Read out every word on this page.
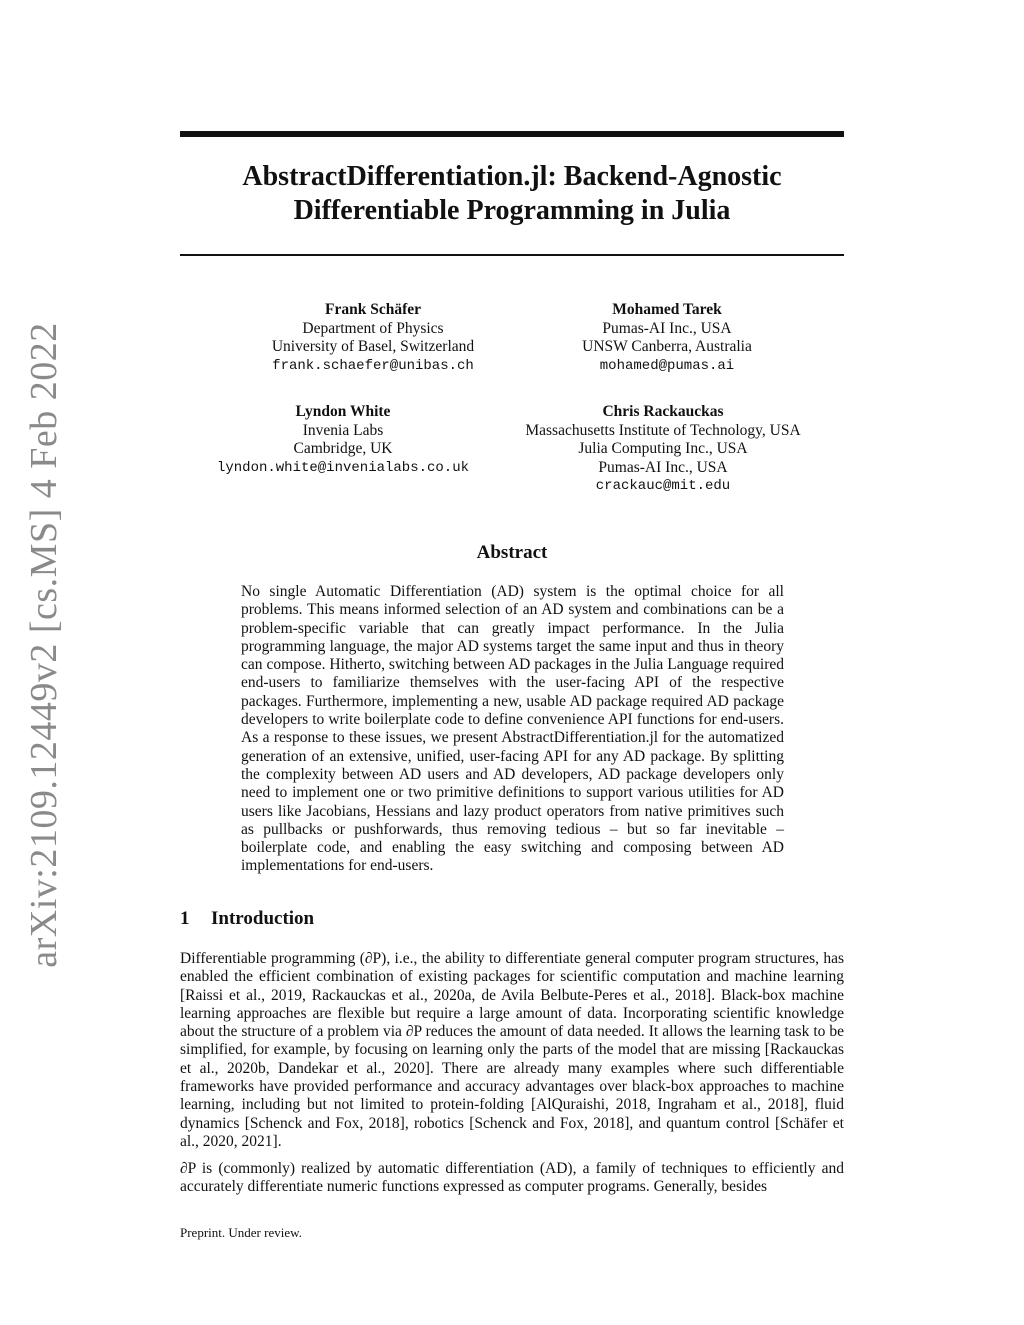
arXiv:2109.12449v2 [cs.MS] 4 Feb 2022
AbstractDifferentiation.jl: Backend-Agnostic
Differentiable Programming in Julia
Frank Schäfer
Department of Physics
University of Basel, Switzerland
frank.schaefer@unibas.ch
Mohamed Tarek
Pumas-AI Inc., USA
UNSW Canberra, Australia
mohamed@pumas.ai
Lyndon White
Invenia Labs
Cambridge, UK
lyndon.white@invenialabs.co.uk
Chris Rackauckas
Massachusetts Institute of Technology, USA
Julia Computing Inc., USA
Pumas-AI Inc., USA
crackauc@mit.edu
Abstract
No single Automatic Differentiation (AD) system is the optimal choice for all problems. This means informed selection of an AD system and combinations can be a problem-specific variable that can greatly impact performance. In the Julia programming language, the major AD systems target the same input and thus in theory can compose. Hitherto, switching between AD packages in the Julia Language required end-users to familiarize themselves with the user-facing API of the respective packages. Furthermore, implementing a new, usable AD package required AD package developers to write boilerplate code to define convenience API functions for end-users. As a response to these issues, we present AbstractDifferentiation.jl for the automatized generation of an extensive, unified, user-facing API for any AD package. By splitting the complexity between AD users and AD developers, AD package developers only need to implement one or two primitive definitions to support various utilities for AD users like Jacobians, Hessians and lazy product operators from native primitives such as pullbacks or pushforwards, thus removing tedious – but so far inevitable – boilerplate code, and enabling the easy switching and composing between AD implementations for end-users.
1 Introduction
Differentiable programming (∂P), i.e., the ability to differentiate general computer program structures, has enabled the efficient combination of existing packages for scientific computation and machine learning [Raissi et al., 2019, Rackauckas et al., 2020a, de Avila Belbute-Peres et al., 2018]. Black-box machine learning approaches are flexible but require a large amount of data. Incorporating scientific knowledge about the structure of a problem via ∂P reduces the amount of data needed. It allows the learning task to be simplified, for example, by focusing on learning only the parts of the model that are missing [Rackauckas et al., 2020b, Dandekar et al., 2020]. There are already many examples where such differentiable frameworks have provided performance and accuracy advantages over black-box approaches to machine learning, including but not limited to protein-folding [AlQuraishi, 2018, Ingraham et al., 2018], fluid dynamics [Schenck and Fox, 2018], robotics [Schenck and Fox, 2018], and quantum control [Schäfer et al., 2020, 2021].
∂P is (commonly) realized by automatic differentiation (AD), a family of techniques to efficiently and accurately differentiate numeric functions expressed as computer programs. Generally, besides
Preprint. Under review.
